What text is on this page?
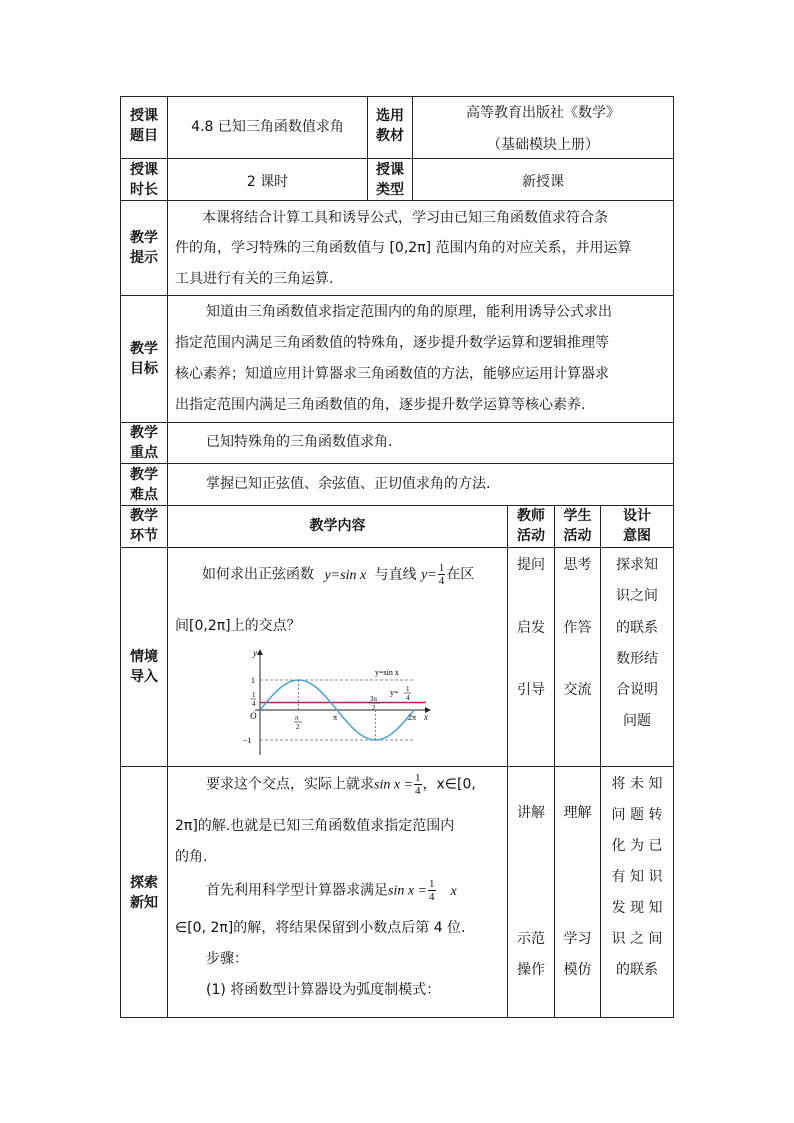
授课
题目
4.8 已知三角函数值求角
选用
教材
高等教育出版社《数学》
（基础模块上册）
授课
时长	2 课时
授课
类型	新授课
教学
提示
本课将结合计算工具和诱导公式，学习由已知三角函数值求符合条
件的角，学习特殊的三角函数值与 [0,2π] 范围内角的对应关系，并用运算
工具进行有关的三角运算.
教学
目标
知道由三角函数值求指定范围内的角的原理，能利用诱导公式求出
指定范围内满足三角函数值的特殊角，逐步提升数学运算和逻辑推理等
核心素养；知道应用计算器求三角函数值的方法，能够应运用计算器求
出指定范围内满足三角函数值的角，逐步提升数学运算等核心素养.
教学
重点
已知特殊角的三角函数值求角.
教学
难点
掌握已知正弦值、余弦值、正切值求角的方法.
教学
环节
教学内容
教师
活动
学生
活动
设计
意图
情境
导入
如何求出正弦函数 y=sin x 与直线 $y= \frac{1}{4}$ 在区
间[0,2π]上的交点？
y
x
O
y=sin x
y= 1
4
1
1
4
−1
π
2
π
3π
2
2π
提问
启发
引导
思考
作答
交流
探求知
识之间
的联系
数形结
合说明
问题
探索
新知
要求这个交点，实际上就求$\sin x = \frac{1}{4}$ ，x∈[0,
2π]的解.也就是已知三角函数值求指定范围内
的角.
首先利用科学型计算器求满足$\sin x = \frac{1}{4}$ x
∈[0, 2π]的解，将结果保留到小数点后第 4 位.
步骤：
(1) 将函数型计算器设为弧度制模式：
讲解
示范
操作
理解
学习
模仿
将 未 知
问 题 转
化 为 已
有 知 识
发 现 知
识 之 间
的联系
